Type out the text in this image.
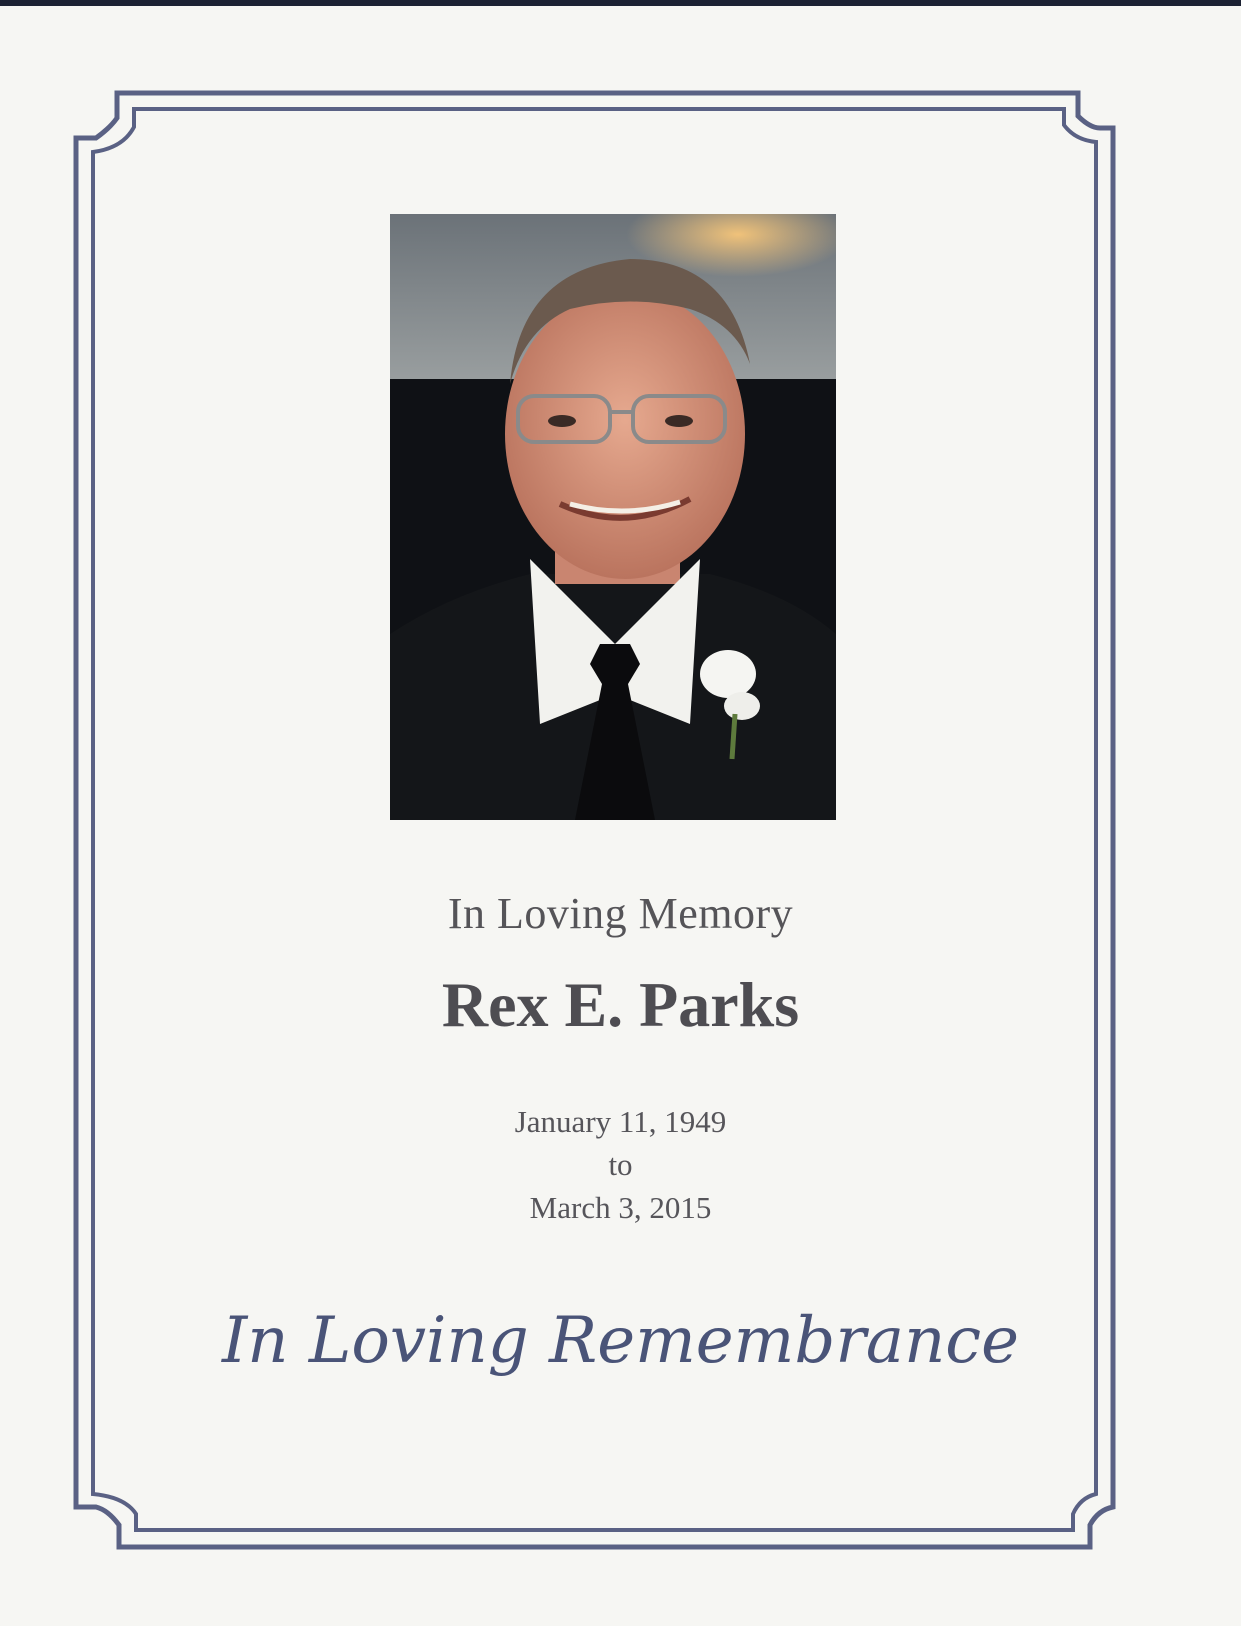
In Loving Memory
Rex E. Parks
January 11, 1949
to
March 3, 2015
In Loving Remembrance
